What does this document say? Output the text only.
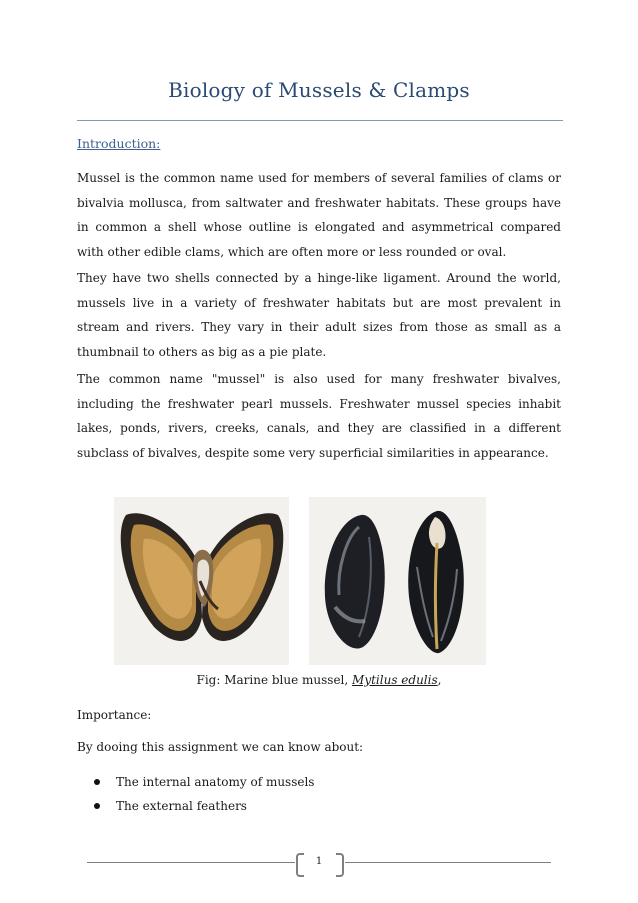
Biology of Mussels & Clamps
Introduction:

Mussel is the common name used for members of several families of clams or bivalvia mollusca, from saltwater and freshwater habitats. These groups have in common a shell whose outline is elongated and asymmetrical compared with other edible clams, which are often more or less rounded or oval.

They have two shells connected by a hinge-like ligament. Around the world, mussels live in a variety of freshwater habitats but are most prevalent in stream and rivers. They vary in their adult sizes from those as small as a thumbnail to others as big as a pie plate.

The common name "mussel" is also used for many freshwater bivalves, including the freshwater pearl mussels. Freshwater mussel species inhabit lakes, ponds, rivers, creeks, canals, and they are classified in a different subclass of bivalves, despite some very superficial similarities in appearance.

Fig: Marine blue mussel, Mytilus edulis,
Importance:
By dooing this assignment we can know about:
The internal anatomy of mussels
The external feathers
1
